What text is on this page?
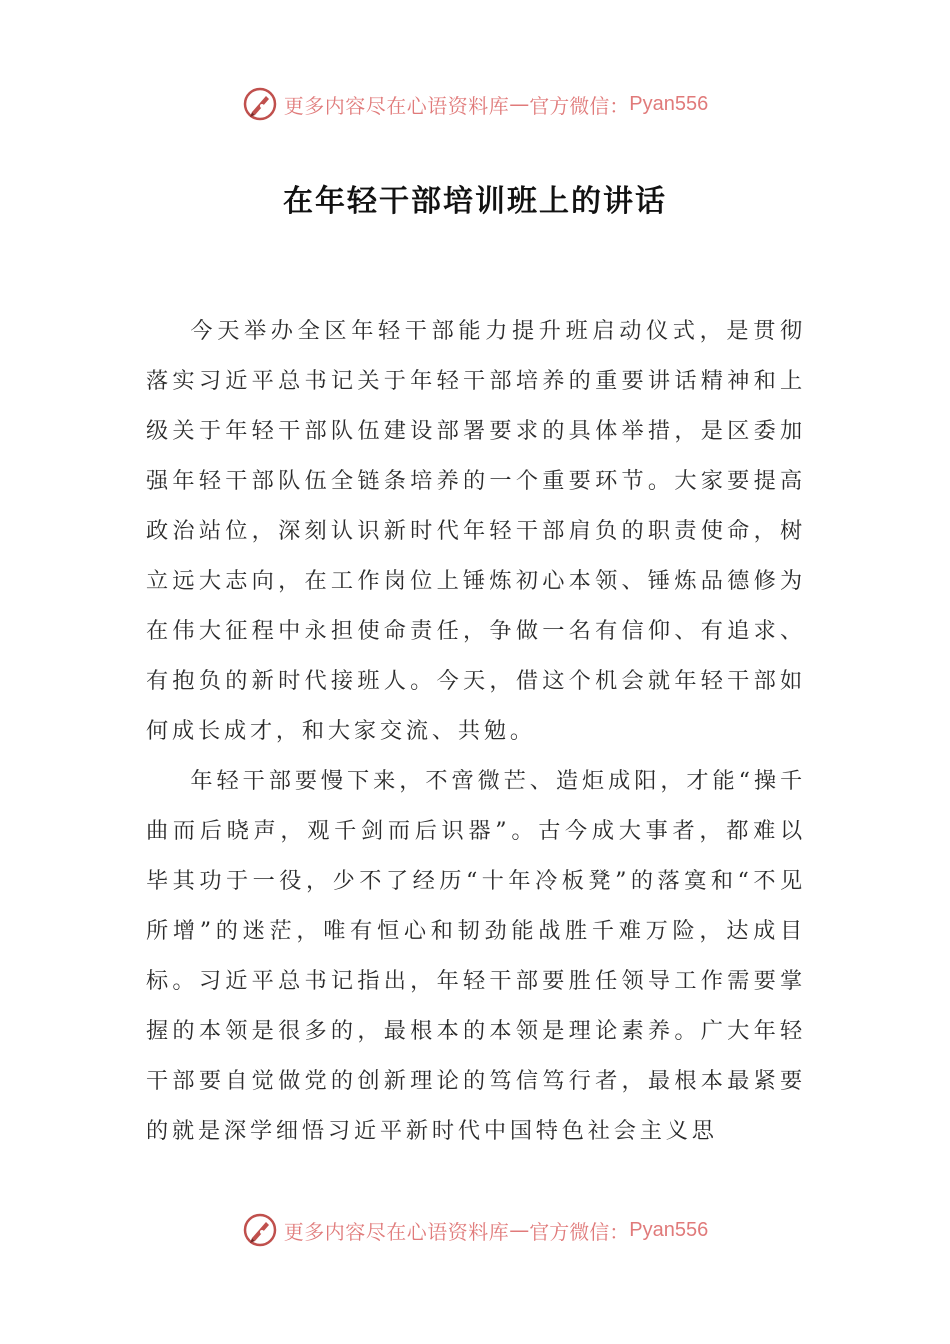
更多内容尽在心语资料库 — 官方微信： Pyan556
在年轻干部培训班上的讲话

今天举办全区年轻干部能力提升班启动仪式，是贯彻落实习近平总书记关于年轻干部培养的重要讲话精神和上级关于年轻干部队伍建设部署要求的具体举措，是区委加强年轻干部队伍全链条培养的一个重要环节。大家要提高政治站位，深刻认识新时代年轻干部肩负的职责使命，树立远大志向，在工作岗位上锤炼初心本领、锤炼品德修为在伟大征程中永担使命责任，争做一名有信仰、有追求、有抱负的新时代接班人。今天，借这个机会就年轻干部如何成长成才，和大家交流、共勉。

年轻干部要慢下来，不啻微芒、造炬成阳，才能“操千曲而后晓声，观千剑而后识器”。古今成大事者，都难以毕其功于一役，少不了经历“十年冷板凳”的落寞和“不见所增”的迷茫，唯有恒心和韧劲能战胜千难万险，达成目标。习近平总书记指出，年轻干部要胜任领导工作需要掌握的本领是很多的，最根本的本领是理论素养。广大年轻干部要自觉做党的创新理论的笃信笃行者，最根本最紧要的就是深学细悟习近平新时代中国特色社会主义思

更多内容尽在心语资料库 — 官方微信： Pyan556
